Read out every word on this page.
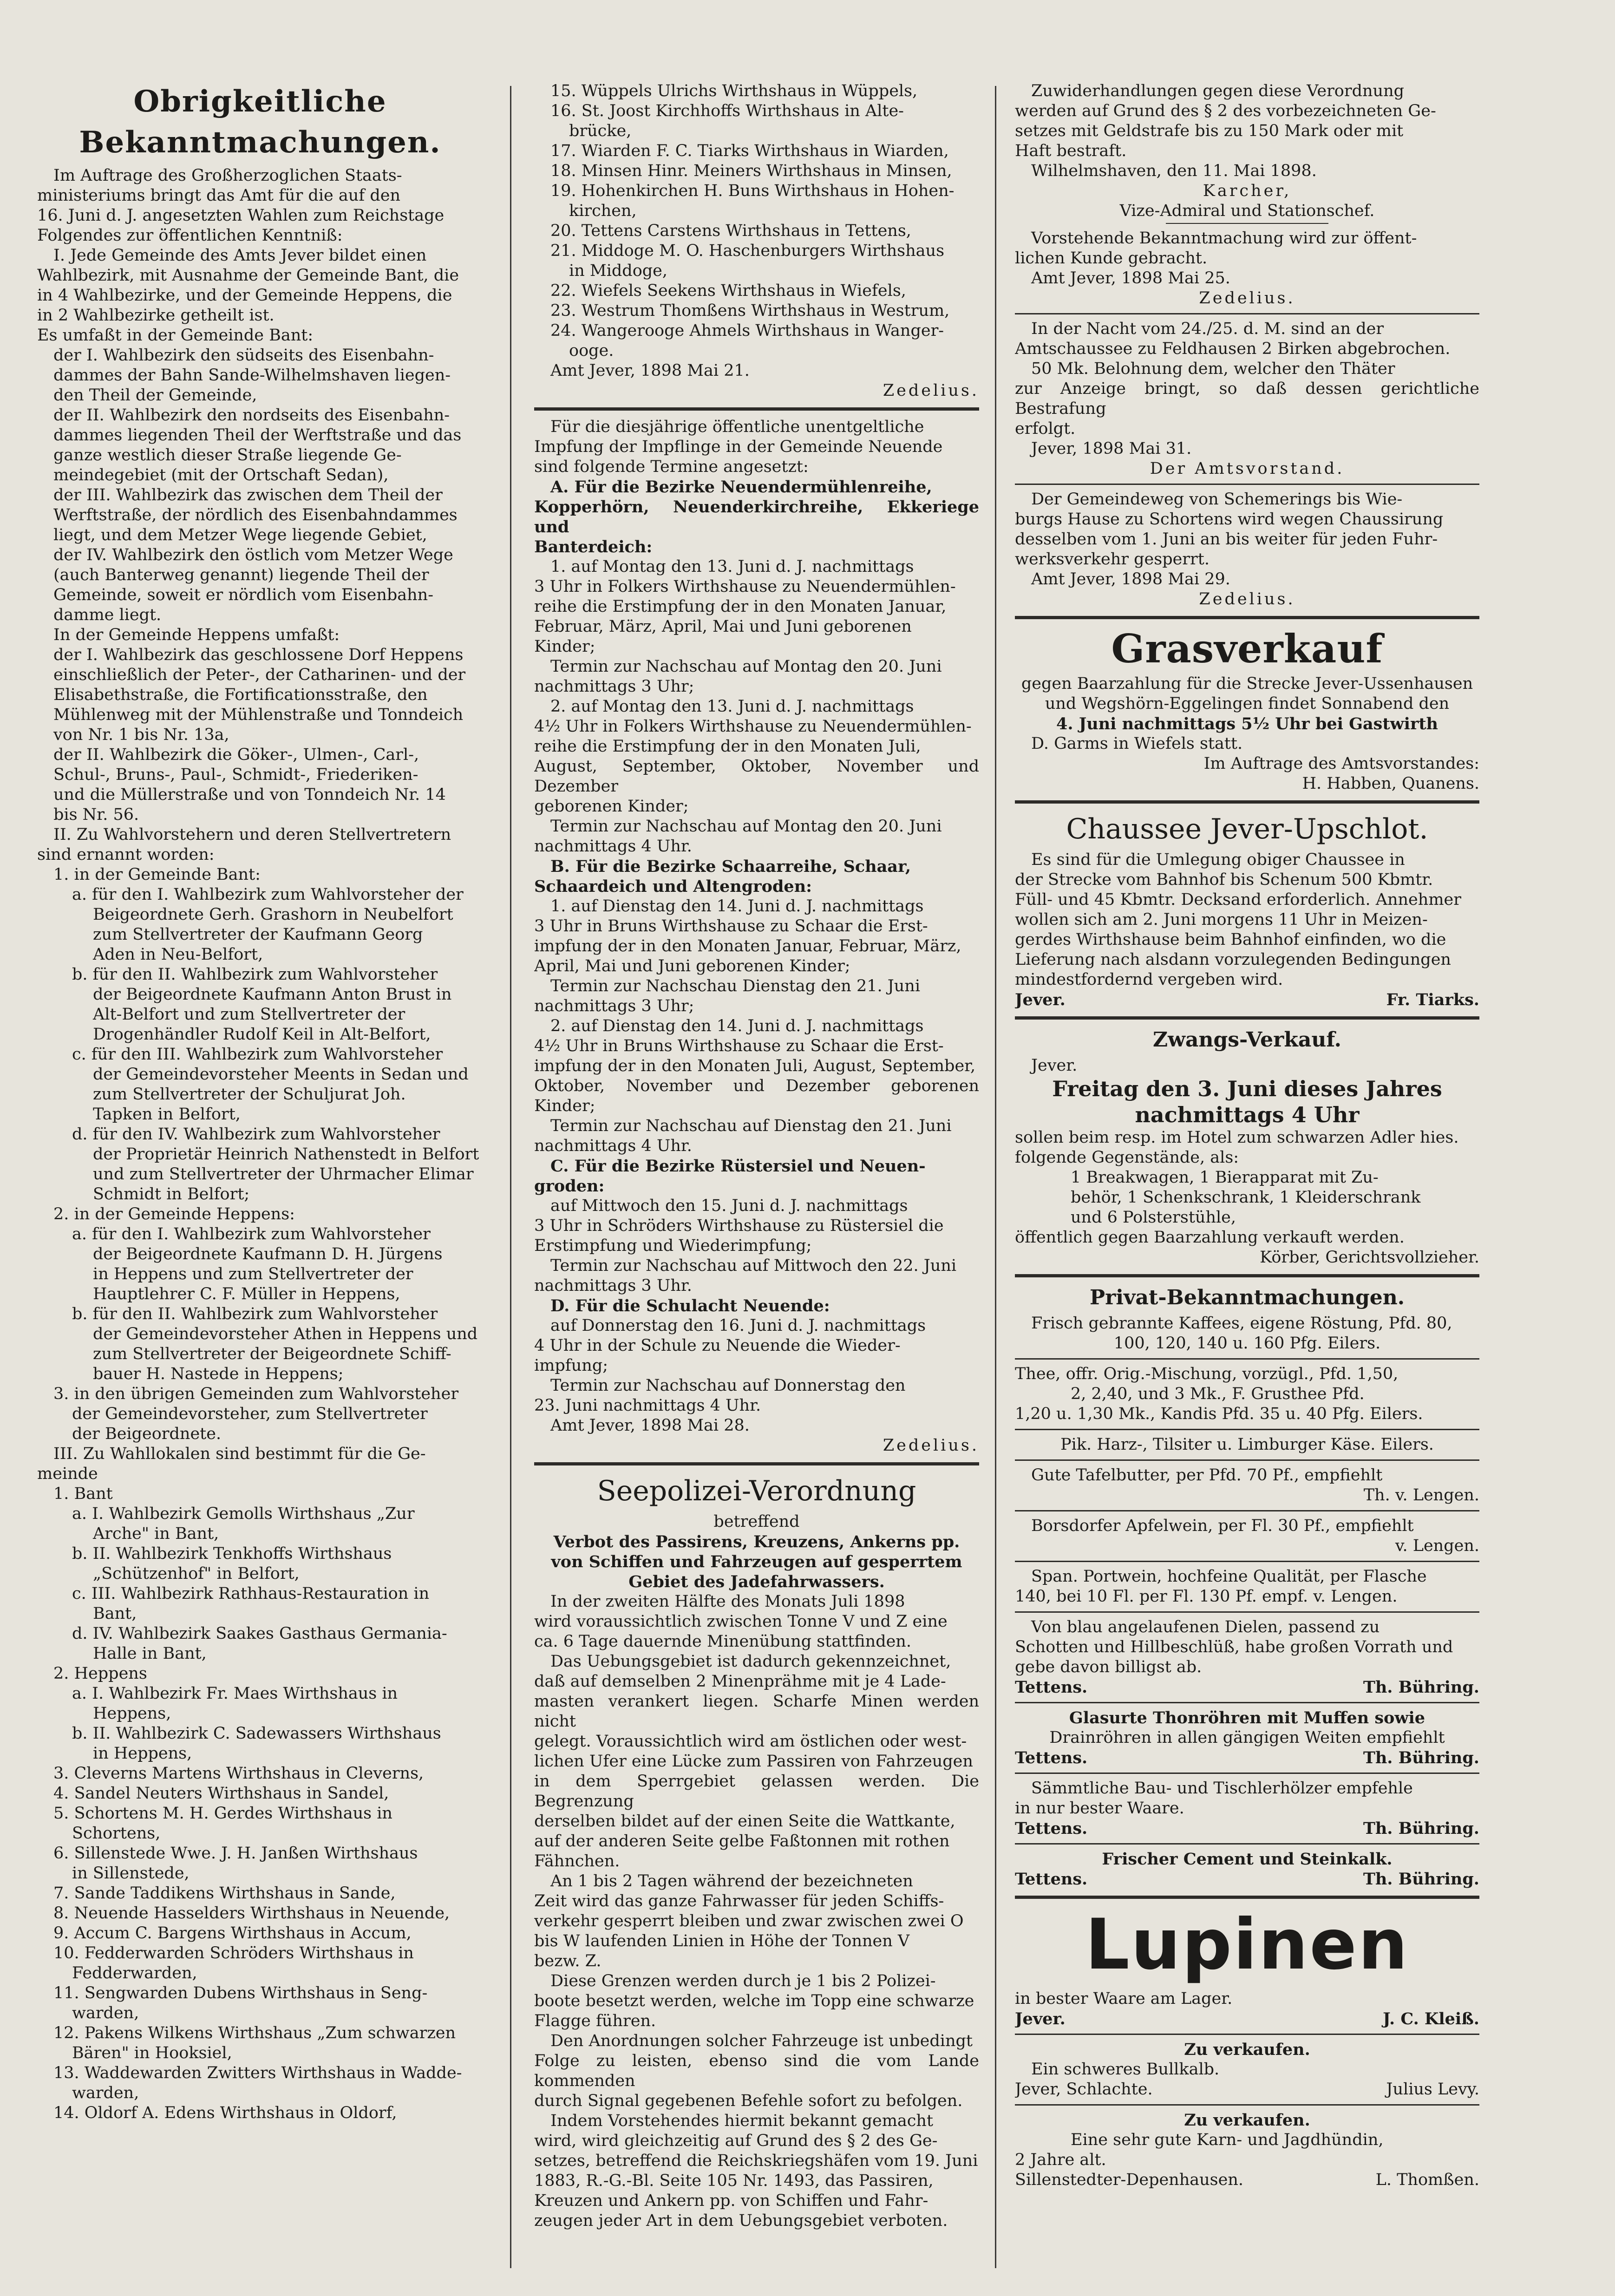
Obrigkeitliche Bekanntmachungen.
Im Auftrage des Großherzoglichen Staats-
ministeriums bringt das Amt für die auf den
16. Juni d. J. angesetzten Wahlen zum Reichstage
Folgendes zur öffentlichen Kenntniß:
I. Jede Gemeinde des Amts Jever bildet einen
Wahlbezirk, mit Ausnahme der Gemeinde Bant, die
in 4 Wahlbezirke, und der Gemeinde Heppens, die
in 2 Wahlbezirke getheilt ist.
Es umfaßt in der Gemeinde Bant:
der I. Wahlbezirk den südseits des Eisenbahn-
dammes der Bahn Sande-Wilhelmshaven liegen-
den Theil der Gemeinde,
der II. Wahlbezirk den nordseits des Eisenbahn-
dammes liegenden Theil der Werftstraße und das
ganze westlich dieser Straße liegende Ge-
meindegebiet (mit der Ortschaft Sedan),
der III. Wahlbezirk das zwischen dem Theil der
Werftstraße, der nördlich des Eisenbahndammes
liegt, und dem Metzer Wege liegende Gebiet,
der IV. Wahlbezirk den östlich vom Metzer Wege
(auch Banterweg genannt) liegende Theil der
Gemeinde, soweit er nördlich vom Eisenbahn-
damme liegt.
In der Gemeinde Heppens umfaßt:
der I. Wahlbezirk das geschlossene Dorf Heppens
einschließlich der Peter-, der Catharinen- und der
Elisabethstraße, die Fortificationsstraße, den
Mühlenweg mit der Mühlenstraße und Tonndeich
von Nr. 1 bis Nr. 13a,
der II. Wahlbezirk die Göker-, Ulmen-, Carl-,
Schul-, Bruns-, Paul-, Schmidt-, Friederiken-
und die Müllerstraße und von Tonndeich Nr. 14
bis Nr. 56.
II. Zu Wahlvorstehern und deren Stellvertretern
sind ernannt worden:
1. in der Gemeinde Bant:
a. für den I. Wahlbezirk zum Wahlvorsteher der
Beigeordnete Gerh. Grashorn in Neubelfort
zum Stellvertreter der Kaufmann Georg
Aden in Neu-Belfort,
b. für den II. Wahlbezirk zum Wahlvorsteher
der Beigeordnete Kaufmann Anton Brust in
Alt-Belfort und zum Stellvertreter der
Drogenhändler Rudolf Keil in Alt-Belfort,
c. für den III. Wahlbezirk zum Wahlvorsteher
der Gemeindevorsteher Meents in Sedan und
zum Stellvertreter der Schuljurat Joh.
Tapken in Belfort,
d. für den IV. Wahlbezirk zum Wahlvorsteher
der Proprietär Heinrich Nathenstedt in Belfort
und zum Stellvertreter der Uhrmacher Elimar
Schmidt in Belfort;
2. in der Gemeinde Heppens:
a. für den I. Wahlbezirk zum Wahlvorsteher
der Beigeordnete Kaufmann D. H. Jürgens
in Heppens und zum Stellvertreter der
Hauptlehrer C. F. Müller in Heppens,
b. für den II. Wahlbezirk zum Wahlvorsteher
der Gemeindevorsteher Athen in Heppens und
zum Stellvertreter der Beigeordnete Schiff-
bauer H. Nastede in Heppens;
3. in den übrigen Gemeinden zum Wahlvorsteher
der Gemeindevorsteher, zum Stellvertreter
der Beigeordnete.
III. Zu Wahllokalen sind bestimmt für die Ge-
meinde
1. Bant
a. I. Wahlbezirk Gemolls Wirthshaus „Zur
Arche" in Bant,
b. II. Wahlbezirk Tenkhoffs Wirthshaus
„Schützenhof" in Belfort,
c. III. Wahlbezirk Rathhaus-Restauration in
Bant,
d. IV. Wahlbezirk Saakes Gasthaus Germania-
Halle in Bant,
2. Heppens
a. I. Wahlbezirk Fr. Maes Wirthshaus in
Heppens,
b. II. Wahlbezirk C. Sadewassers Wirthshaus
in Heppens,
3. Cleverns Martens Wirthshaus in Cleverns,
4. Sandel Neuters Wirthshaus in Sandel,
5. Schortens M. H. Gerdes Wirthshaus in
Schortens,
6. Sillenstede Wwe. J. H. Janßen Wirthshaus
in Sillenstede,
7. Sande Taddikens Wirthshaus in Sande,
8. Neuende Hasselders Wirthshaus in Neuende,
9. Accum C. Bargens Wirthshaus in Accum,
10. Fedderwarden Schröders Wirthshaus in
Fedderwarden,
11. Sengwarden Dubens Wirthshaus in Seng-
warden,
12. Pakens Wilkens Wirthshaus „Zum schwarzen
Bären" in Hooksiel,
13. Waddewarden Zwitters Wirthshaus in Wadde-
warden,
14. Oldorf A. Edens Wirthshaus in Oldorf,
15. Wüppels Ulrichs Wirthshaus in Wüppels,
16. St. Joost Kirchhoffs Wirthshaus in Alte-
brücke,
17. Wiarden F. C. Tiarks Wirthshaus in Wiarden,
18. Minsen Hinr. Meiners Wirthshaus in Minsen,
19. Hohenkirchen H. Buns Wirthshaus in Hohen-
kirchen,
20. Tettens Carstens Wirthshaus in Tettens,
21. Middoge M. O. Haschenburgers Wirthshaus
in Middoge,
22. Wiefels Seekens Wirthshaus in Wiefels,
23. Westrum Thomßens Wirthshaus in Westrum,
24. Wangerooge Ahmels Wirthshaus in Wanger-
ooge.
Amt Jever, 1898 Mai 21.
Zedelius.
Für die diesjährige öffentliche unentgeltliche
Impfung der Impflinge in der Gemeinde Neuende
sind folgende Termine angesetzt:
A. Für die Bezirke Neuendermühlenreihe,
Kopperhörn, Neuenderkirchreihe, Ekkeriege und
Banterdeich:
1. auf Montag den 13. Juni d. J. nachmittags
3 Uhr in Folkers Wirthshause zu Neuendermühlen-
reihe die Erstimpfung der in den Monaten Januar,
Februar, März, April, Mai und Juni geborenen
Kinder;
Termin zur Nachschau auf Montag den 20. Juni
nachmittags 3 Uhr;
2. auf Montag den 13. Juni d. J. nachmittags
4½ Uhr in Folkers Wirthshause zu Neuendermühlen-
reihe die Erstimpfung der in den Monaten Juli,
August, September, Oktober, November und Dezember
geborenen Kinder;
Termin zur Nachschau auf Montag den 20. Juni
nachmittags 4 Uhr.
B. Für die Bezirke Schaarreihe, Schaar,
Schaardeich und Altengroden:
1. auf Dienstag den 14. Juni d. J. nachmittags
3 Uhr in Bruns Wirthshause zu Schaar die Erst-
impfung der in den Monaten Januar, Februar, März,
April, Mai und Juni geborenen Kinder;
Termin zur Nachschau Dienstag den 21. Juni
nachmittags 3 Uhr;
2. auf Dienstag den 14. Juni d. J. nachmittags
4½ Uhr in Bruns Wirthshause zu Schaar die Erst-
impfung der in den Monaten Juli, August, September,
Oktober, November und Dezember geborenen Kinder;
Termin zur Nachschau auf Dienstag den 21. Juni
nachmittags 4 Uhr.
C. Für die Bezirke Rüstersiel und Neuen-
groden:
auf Mittwoch den 15. Juni d. J. nachmittags
3 Uhr in Schröders Wirthshause zu Rüstersiel die
Erstimpfung und Wiederimpfung;
Termin zur Nachschau auf Mittwoch den 22. Juni
nachmittags 3 Uhr.
D. Für die Schulacht Neuende:
auf Donnerstag den 16. Juni d. J. nachmittags
4 Uhr in der Schule zu Neuende die Wieder-
impfung;
Termin zur Nachschau auf Donnerstag den
23. Juni nachmittags 4 Uhr.
Amt Jever, 1898 Mai 28.
Zedelius.
Seepolizei-Verordnung
betreffend
Verbot des Passirens, Kreuzens, Ankerns pp.
von Schiffen und Fahrzeugen auf gesperrtem
Gebiet des Jadefahrwassers.
In der zweiten Hälfte des Monats Juli 1898
wird voraussichtlich zwischen Tonne V und Z eine
ca. 6 Tage dauernde Minenübung stattfinden.
Das Uebungsgebiet ist dadurch gekennzeichnet,
daß auf demselben 2 Minenprähme mit je 4 Lade-
masten verankert liegen. Scharfe Minen werden nicht
gelegt. Voraussichtlich wird am östlichen oder west-
lichen Ufer eine Lücke zum Passiren von Fahrzeugen
in dem Sperrgebiet gelassen werden. Die Begrenzung
derselben bildet auf der einen Seite die Wattkante,
auf der anderen Seite gelbe Faßtonnen mit rothen
Fähnchen.
An 1 bis 2 Tagen während der bezeichneten
Zeit wird das ganze Fahrwasser für jeden Schiffs-
verkehr gesperrt bleiben und zwar zwischen zwei O
bis W laufenden Linien in Höhe der Tonnen V
bezw. Z.
Diese Grenzen werden durch je 1 bis 2 Polizei-
boote besetzt werden, welche im Topp eine schwarze
Flagge führen.
Den Anordnungen solcher Fahrzeuge ist unbedingt
Folge zu leisten, ebenso sind die vom Lande kommenden
durch Signal gegebenen Befehle sofort zu befolgen.
Indem Vorstehendes hiermit bekannt gemacht
wird, wird gleichzeitig auf Grund des § 2 des Ge-
setzes, betreffend die Reichskriegshäfen vom 19. Juni
1883, R.-G.-Bl. Seite 105 Nr. 1493, das Passiren,
Kreuzen und Ankern pp. von Schiffen und Fahr-
zeugen jeder Art in dem Uebungsgebiet verboten.
Zuwiderhandlungen gegen diese Verordnung
werden auf Grund des § 2 des vorbezeichneten Ge-
setzes mit Geldstrafe bis zu 150 Mark oder mit
Haft bestraft.
Wilhelmshaven, den 11. Mai 1898.
Karcher,
Vize-Admiral und Stationschef.
Vorstehende Bekanntmachung wird zur öffent-
lichen Kunde gebracht.
Amt Jever, 1898 Mai 25.
Zedelius.
In der Nacht vom 24./25. d. M. sind an der
Amtschaussee zu Feldhausen 2 Birken abgebrochen.
50 Mk. Belohnung dem, welcher den Thäter
zur Anzeige bringt, so daß dessen gerichtliche Bestrafung
erfolgt.
Jever, 1898 Mai 31.
Der Amtsvorstand.
Der Gemeindeweg von Schemerings bis Wie-
burgs Hause zu Schortens wird wegen Chaussirung
desselben vom 1. Juni an bis weiter für jeden Fuhr-
werksverkehr gesperrt.
Amt Jever, 1898 Mai 29.
Zedelius.
Grasverkauf
gegen Baarzahlung für die Strecke Jever-Ussenhausen
und Wegshörn-Eggelingen findet Sonnabend den
4. Juni nachmittags 5½ Uhr bei Gastwirth
D. Garms in Wiefels statt.
Im Auftrage des Amtsvorstandes:
H. Habben, Quanens.
Chaussee Jever-Upschlot.
Es sind für die Umlegung obiger Chaussee in
der Strecke vom Bahnhof bis Schenum 500 Kbmtr.
Füll- und 45 Kbmtr. Decksand erforderlich. Annehmer
wollen sich am 2. Juni morgens 11 Uhr in Meizen-
gerdes Wirthshause beim Bahnhof einfinden, wo die
Lieferung nach alsdann vorzulegenden Bedingungen
mindestfordernd vergeben wird.
Jever.	Fr. Tiarks.
Zwangs-Verkauf.
Jever.
Freitag den 3. Juni dieses Jahres
nachmittags 4 Uhr
sollen beim resp. im Hotel zum schwarzen Adler hies.
folgende Gegenstände, als:
1 Breakwagen, 1 Bierapparat mit Zu-
behör, 1 Schenkschrank, 1 Kleiderschrank
und 6 Polsterstühle,
öffentlich gegen Baarzahlung verkauft werden.
Körber, Gerichtsvollzieher.
Privat-Bekanntmachungen.
Frisch gebrannte Kaffees, eigene Röstung, Pfd. 80,
100, 120, 140 u. 160 Pfg. Eilers.
Thee, offr. Orig.-Mischung, vorzügl., Pfd. 1,50,
2, 2,40, und 3 Mk., F. Grusthee Pfd.
1,20 u. 1,30 Mk., Kandis Pfd. 35 u. 40 Pfg. Eilers.
Pik. Harz-, Tilsiter u. Limburger Käse. Eilers.
Gute Tafelbutter, per Pfd. 70 Pf., empfiehlt
Th. v. Lengen.
Borsdorfer Apfelwein, per Fl. 30 Pf., empfiehlt
v. Lengen.
Span. Portwein, hochfeine Qualität, per Flasche
140, bei 10 Fl. per Fl. 130 Pf. empf. v. Lengen.
Von blau angelaufenen Dielen, passend zu
Schotten und Hillbeschlüß, habe großen Vorrath und
gebe davon billigst ab.
Tettens.	Th. Bühring.
Glasurte Thonröhren mit Muffen sowie
Drainröhren in allen gängigen Weiten empfiehlt
Tettens.	Th. Bühring.
Sämmtliche Bau- und Tischlerhölzer empfehle
in nur bester Waare.
Tettens.	Th. Bühring.
Frischer Cement und Steinkalk.
Tettens.	Th. Bühring.
Lupinen
in bester Waare am Lager.
Jever.	J. C. Kleiß.
Zu verkaufen.
Ein schweres Bullkalb.
Jever, Schlachte.	Julius Levy.
Zu verkaufen.
Eine sehr gute Karn- und Jagdhündin,
2 Jahre alt.
Sillenstedter-Depenhausen.	L. Thomßen.
